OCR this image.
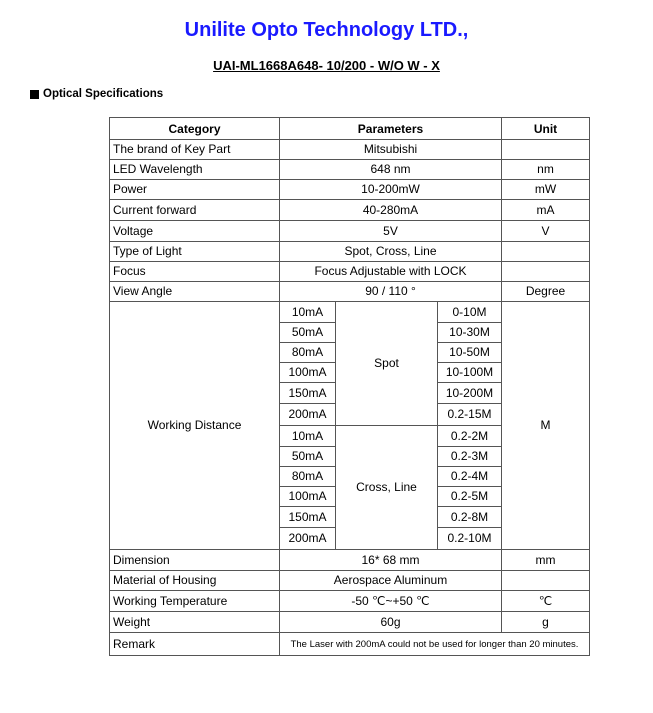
Unilite Opto Technology LTD.,
UAI-ML1668A648- 10/200 - W/O W - X
Optical Specifications
Category	Parameters			Unit
The brand of Key Part	Mitsubishi			
LED Wavelength	648 nm			nm
Power	10-200mW			mW
Current forward	40-280mA			mA
Voltage	5V			V
Type of Light	Spot, Cross, Line			
Focus	Focus Adjustable with LOCK			
View Angle	90 / 110 °			Degree
Working Distance	10mA	Spot	0-10M	M
	50mA		10-30M	
	80mA		10-50M	
	100mA		10-100M	
	150mA		10-200M	
	200mA		0.2-15M	
	10mA	Cross, Line	0.2-2M	
	50mA		0.2-3M	
	80mA		0.2-4M	
	100mA		0.2-5M	
	150mA		0.2-8M	
	200mA		0.2-10M	
Dimension	16* 68 mm			mm
Material of Housing	Aerospace Aluminum			
Working Temperature	-50 ℃~+50 ℃			℃
Weight	60g			g
Remark	The Laser with 200mA could not be used for longer than 20 minutes.			
